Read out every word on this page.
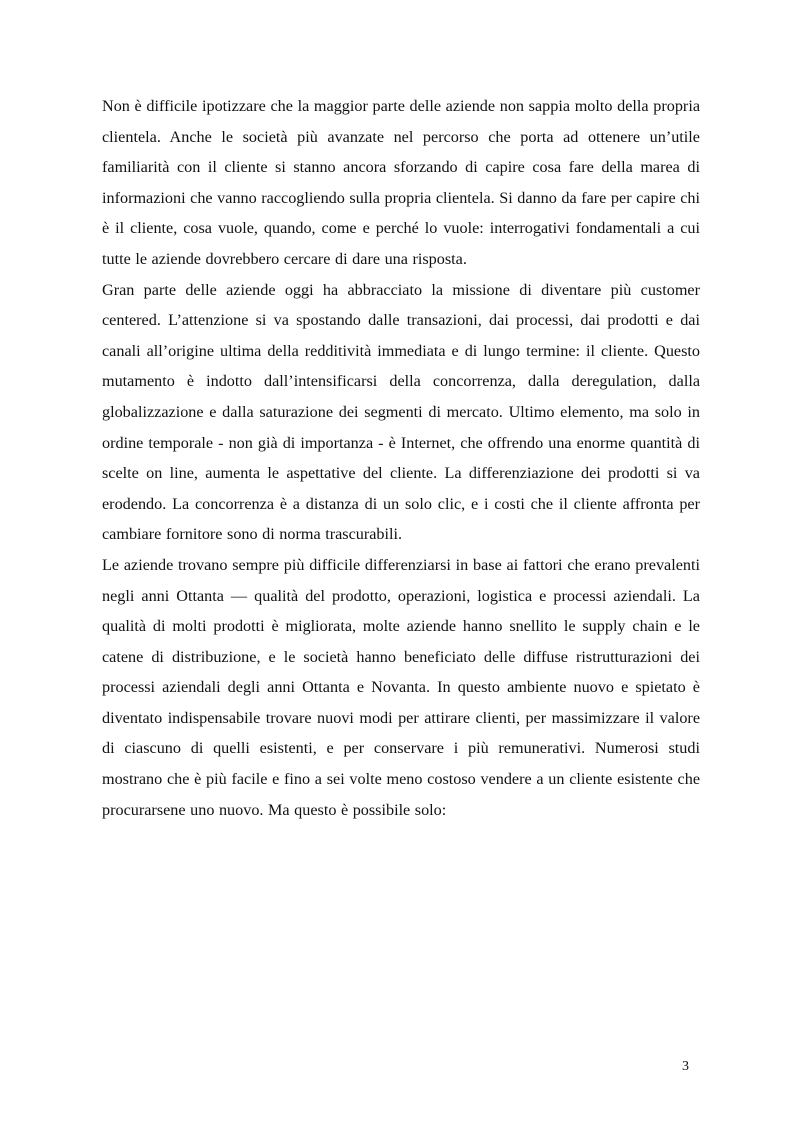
Non è difficile ipotizzare che la maggior parte delle aziende non sappia molto della propria clientela. Anche le società più avanzate nel percorso che porta ad ottenere un’utile familiarità con il cliente si stanno ancora sforzando di capire cosa fare della marea di informazioni che vanno raccogliendo sulla propria clientela. Si danno da fare per capire chi è il cliente, cosa vuole, quando, come e perché lo vuole: interrogativi fondamentali a cui tutte le aziende dovrebbero cercare di dare una risposta.

Gran parte delle aziende oggi ha abbracciato la missione di diventare più customer centered. L’attenzione si va spostando dalle transazioni, dai processi, dai prodotti e dai canali all’origine ultima della redditività immediata e di lungo termine: il cliente. Questo mutamento è indotto dall’intensificarsi della concorrenza, dalla deregulation, dalla globalizzazione e dalla saturazione dei segmenti di mercato. Ultimo elemento, ma solo in ordine temporale - non già di importanza - è Internet, che offrendo una enorme quantità di scelte on line, aumenta le aspettative del cliente. La differenziazione dei prodotti si va erodendo. La concorrenza è a distanza di un solo clic, e i costi che il cliente affronta per cambiare fornitore sono di norma trascurabili.

Le aziende trovano sempre più difficile differenziarsi in base ai fattori che erano prevalenti negli anni Ottanta — qualità del prodotto, operazioni, logistica e processi aziendali. La qualità di molti prodotti è migliorata, molte aziende hanno snellito le supply chain e le catene di distribuzione, e le società hanno beneficiato delle diffuse ristrutturazioni dei processi aziendali degli anni Ottanta e Novanta. In questo ambiente nuovo e spietato è diventato indispensabile trovare nuovi modi per attirare clienti, per massimizzare il valore di ciascuno di quelli esistenti, e per conservare i più remunerativi. Numerosi studi mostrano che è più facile e fino a sei volte meno costoso vendere a un cliente esistente che procurarsene uno nuovo. Ma questo è possibile solo:

3
